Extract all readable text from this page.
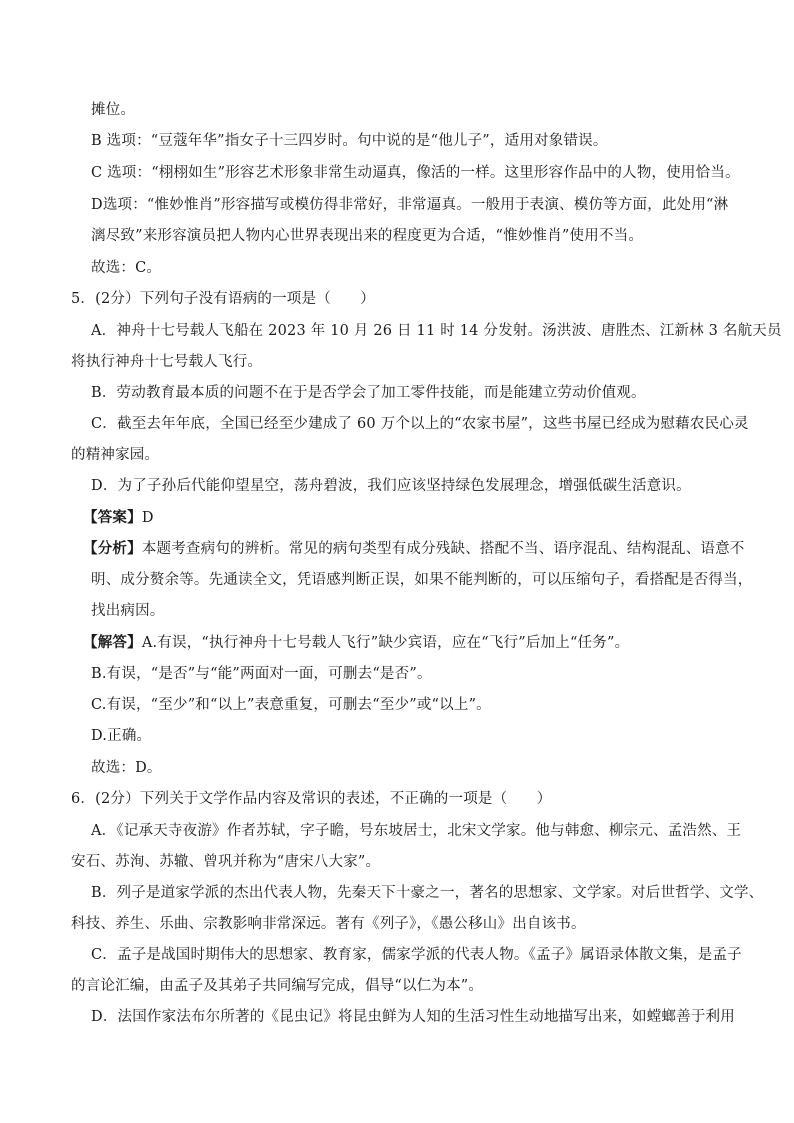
摊位。
B 选项：“豆蔻年华”指女子十三四岁时。句中说的是“他儿子”，适用对象错误。
C 选项：“栩栩如生”形容艺术形象非常生动逼真，像活的一样。这里形容作品中的人物，使用恰当。
D选项：“惟妙惟肖”形容描写或模仿得非常好，非常逼真。一般用于表演、模仿等方面，此处用“淋
漓尽致”来形容演员把人物内心世界表现出来的程度更为合适，“惟妙惟肖”使用不当。
故选：C。
5．(2分）下列句子没有语病的一项是（　　）
A．神舟十七号载人飞船在 2023 年 10 月 26 日 11 时 14 分发射。汤洪波、唐胜杰、江新林 3 名航天员
将执行神舟十七号载人飞行。
B．劳动教育最本质的问题不在于是否学会了加工零件技能，而是能建立劳动价值观。
C．截至去年年底，全国已经至少建成了 60 万个以上的“农家书屋”，这些书屋已经成为慰藉农民心灵
的精神家园。
D．为了子孙后代能仰望星空，荡舟碧波，我们应该坚持绿色发展理念，增强低碳生活意识。
【答案】D
【分析】本题考查病句的辨析。常见的病句类型有成分残缺、搭配不当、语序混乱、结构混乱、语意不
明、成分赘余等。先通读全文，凭语感判断正误，如果不能判断的，可以压缩句子，看搭配是否得当，
找出病因。
【解答】A.有误，“执行神舟十七号载人飞行”缺少宾语，应在“飞行”后加上“任务”。
B.有误，“是否”与“能”两面对一面，可删去“是否”。
C.有误，“至少”和“以上”表意重复，可删去“至少”或“以上”。
D.正确。
故选：D。
6．(2分）下列关于文学作品内容及常识的表述，不正确的一项是（　　）
A．《记承天寺夜游》作者苏轼，字子瞻，号东坡居士，北宋文学家。他与韩愈、柳宗元、孟浩然、王
安石、苏洵、苏辙、曾巩并称为“唐宋八大家”。
B．列子是道家学派的杰出代表人物，先秦天下十豪之一，著名的思想家、文学家。对后世哲学、文学、
科技、养生、乐曲、宗教影响非常深远。著有《列子》，《愚公移山》出自该书。
C．孟子是战国时期伟大的思想家、教育家，儒家学派的代表人物。《孟子》属语录体散文集，是孟子
的言论汇编，由孟子及其弟子共同编写完成，倡导“以仁为本”。
D．法国作家法布尔所著的《昆虫记》将昆虫鲜为人知的生活习性生动地描写出来，如螳螂善于利用
